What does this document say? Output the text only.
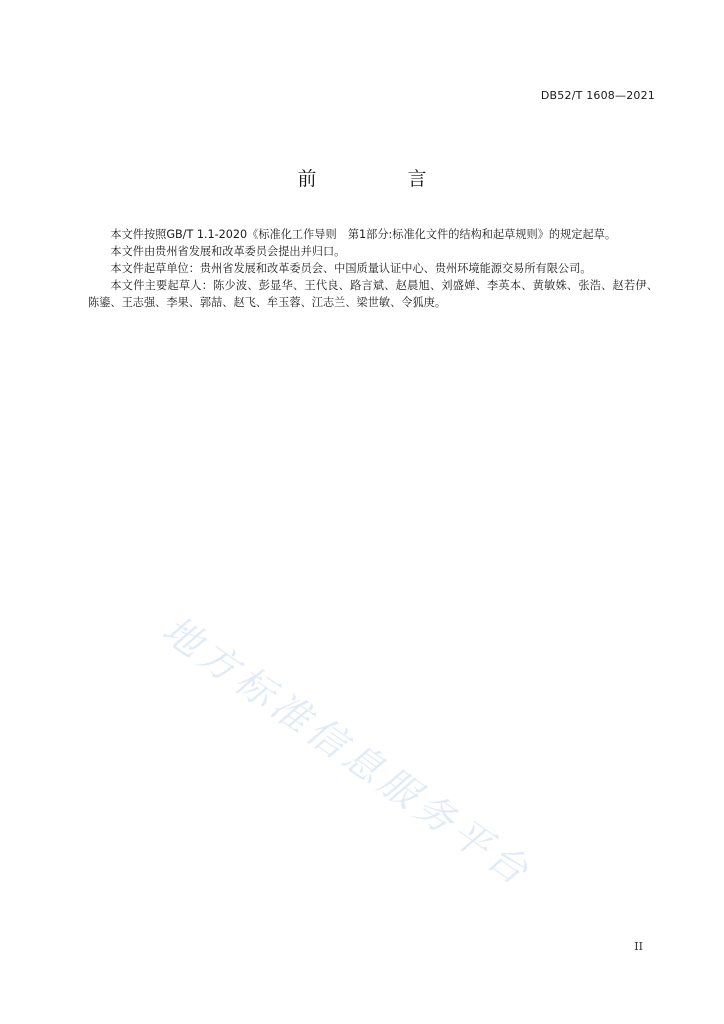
DB52/T 1608—2021
前　言

本文件按照GB/T 1.1-2020《标准化工作导则　第1部分:标准化文件的结构和起草规则》的规定起草。

本文件由贵州省发展和改革委员会提出并归口。

本文件起草单位：贵州省发展和改革委员会、中国质量认证中心、贵州环境能源交易所有限公司。

本文件主要起草人：陈少波、彭显华、王代良、路言斌、赵晨旭、刘盛婵、李英本、黄敏姝、张浩、赵若伊、陈鎏、王志强、李果、郭喆、赵飞、牟玉蓉、江志兰、梁世敏、令狐庚。

地方标准信息服务平台
II
